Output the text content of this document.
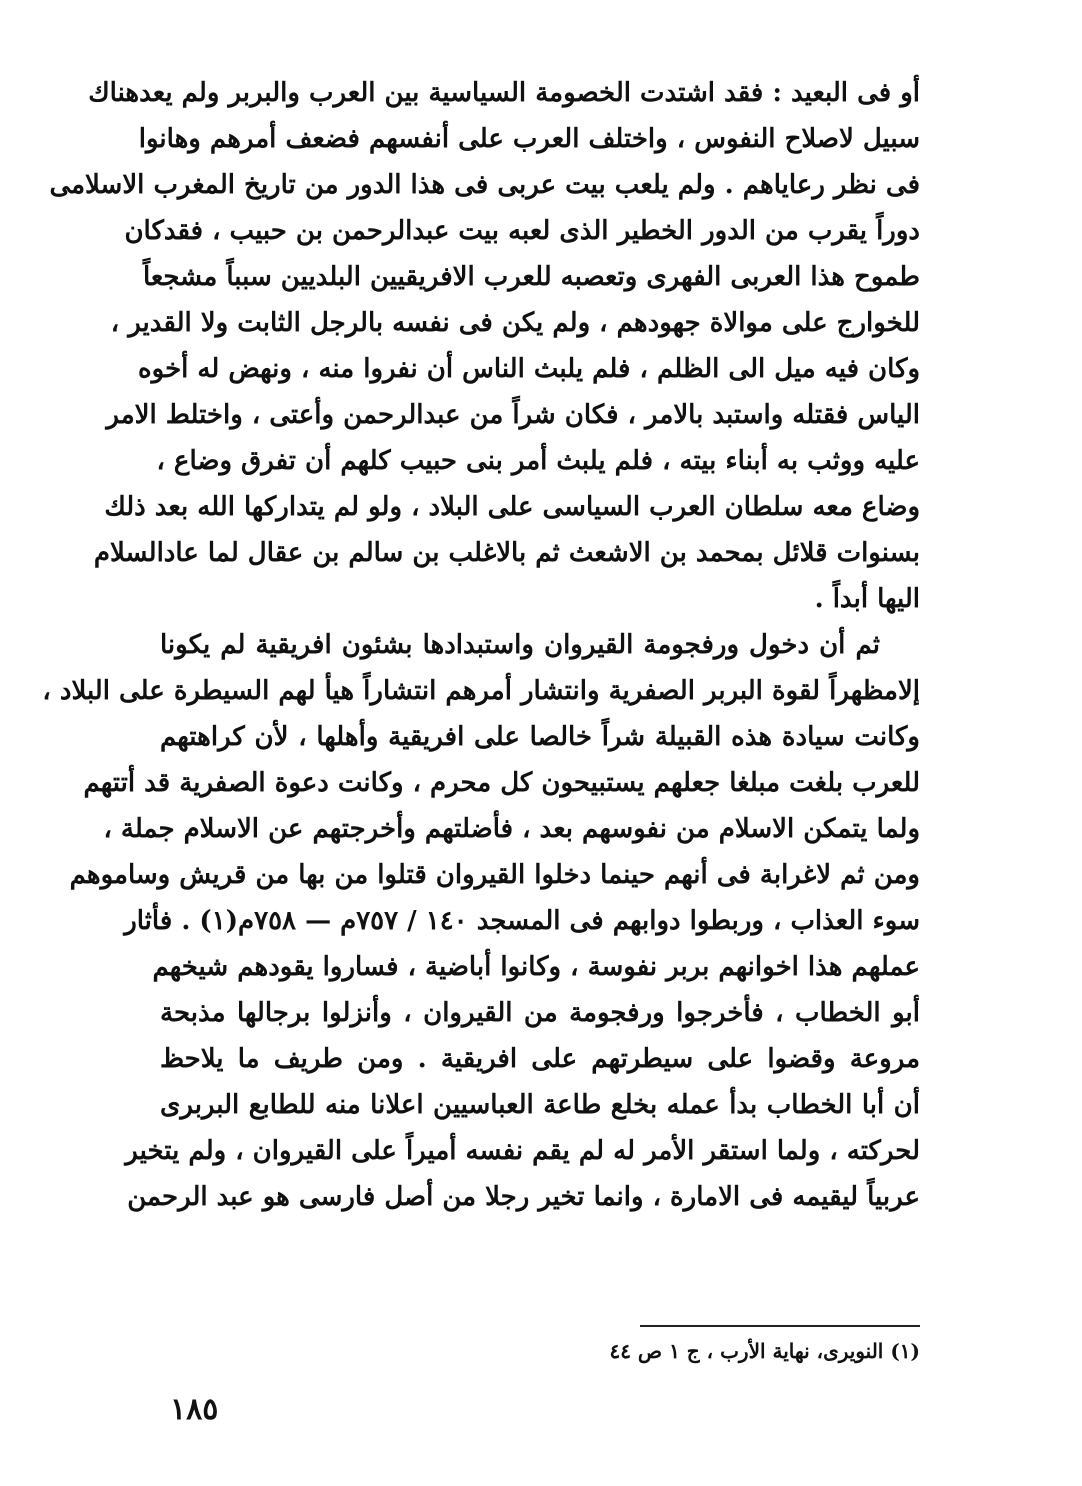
أو فى البعيد : فقد اشتدت الخصومة السياسية بين العرب والبربر ولم يعدهناك
سبيل لاصلاح النفوس ، واختلف العرب على أنفسهم فضعف أمرهم وهانوا
فى نظر رعاياهم . ولم يلعب بيت عربى فى هذا الدور من تاريخ المغرب الاسلامى
دوراً يقرب من الدور الخطير الذى لعبه بيت عبدالرحمن بن حبيب ، فقدكان
طموح هذا العربى الفهرى وتعصبه للعرب الافريقيين البلديين سبباً مشجعاً
للخوارج على موالاة جهودهم ، ولم يكن فى نفسه بالرجل الثابت ولا القدير ،
وكان فيه ميل الى الظلم ، فلم يلبث الناس أن نفروا منه ، ونهض له أخوه
الياس فقتله واستبد بالامر ، فكان شراً من عبدالرحمن وأعتى ، واختلط الامر
عليه ووثب به أبناء بيته ، فلم يلبث أمر بنى حبيب كلهم أن تفرق وضاع ،
وضاع معه سلطان العرب السياسى على البلاد ، ولو لم يتداركها الله بعد ذلك
بسنوات قلائل بمحمد بن الاشعث ثم بالاغلب بن سالم بن عقال لما عادالسلام
اليها أبداً .
ثم أن دخول ورفجومة القيروان واستبدادها بشئون افريقية لم يكونا
إلامظهراً لقوة البربر الصفرية وانتشار أمرهم انتشاراً هيأ لهم السيطرة على البلاد ،
وكانت سيادة هذه القبيلة شراً خالصا على افريقية وأهلها ، لأن كراهتهم
للعرب بلغت مبلغا جعلهم يستبيحون كل محرم ، وكانت دعوة الصفرية قد أتتهم
ولما يتمكن الاسلام من نفوسهم بعد ، فأضلتهم وأخرجتهم عن الاسلام جملة ،
ومن ثم لاغرابة فى أنهم حينما دخلوا القيروان قتلوا من بها من قريش وساموهم
سوء العذاب ، وربطوا دوابهم فى المسجد ١٤٠ / ٧٥٧م — ٧٥٨م(١) . فأثار
عملهم هذا اخوانهم بربر نفوسة ، وكانوا أباضية ، فساروا يقودهم شيخهم
أبو الخطاب ، فأخرجوا ورفجومة من القيروان ، وأنزلوا برجالها مذبحة
مروعة وقضوا على سيطرتهم على افريقية . ومن طريف ما يلاحظ
أن أبا الخطاب بدأ عمله بخلع طاعة العباسيين اعلانا منه للطابع البربرى
لحركته ، ولما استقر الأمر له لم يقم نفسه أميراً على القيروان ، ولم يتخير
عربياً ليقيمه فى الامارة ، وانما تخير رجلا من أصل فارسى هو عبد الرحمن
(١) النويرى، نهاية الأرب ، ج ١ ص ٤٤
١٨٥
